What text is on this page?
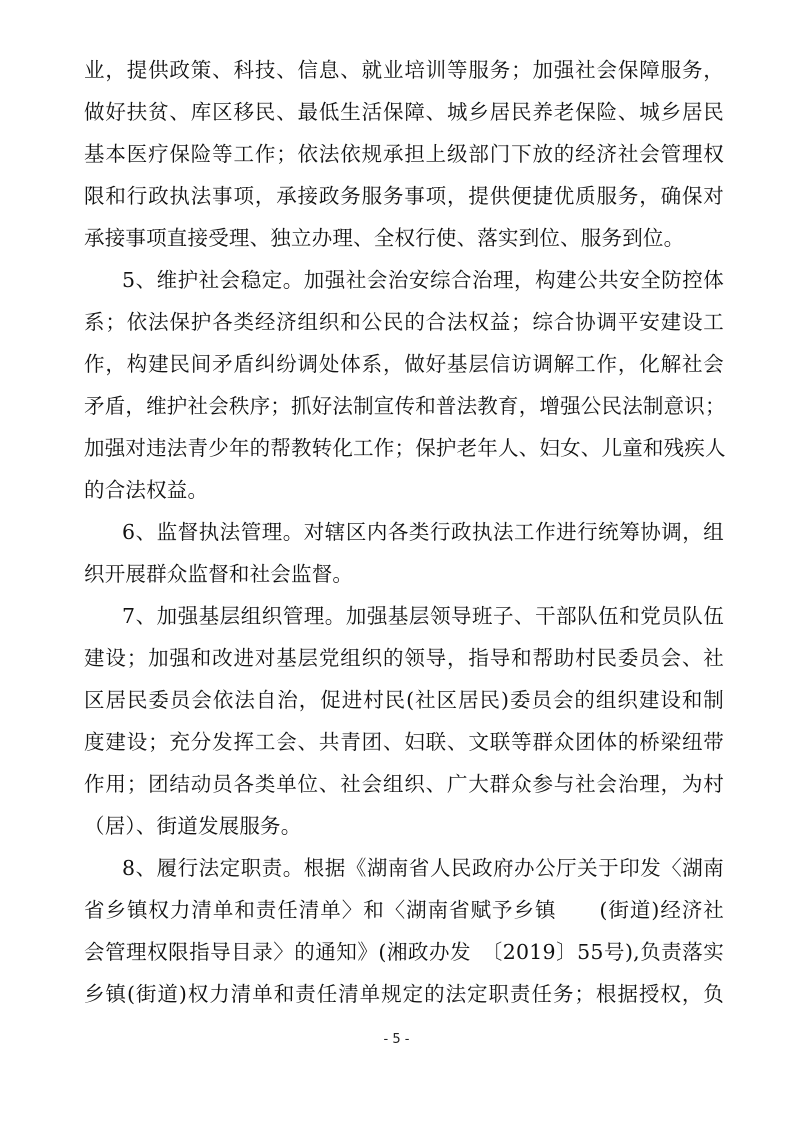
业，提供政策、科技、信息、就业培训等服务；加强社会保障服务，
做好扶贫、库区移民、最低生活保障、城乡居民养老保险、城乡居民
基本医疗保险等工作；依法依规承担上级部门下放的经济社会管理权
限和行政执法事项，承接政务服务事项，提供便捷优质服务，确保对
承接事项直接受理、独立办理、全权行使、落实到位、服务到位。
5、维护社会稳定。加强社会治安综合治理，构建公共安全防控体
系；依法保护各类经济组织和公民的合法权益；综合协调平安建设工
作，构建民间矛盾纠纷调处体系，做好基层信访调解工作，化解社会
矛盾，维护社会秩序；抓好法制宣传和普法教育，增强公民法制意识；
加强对违法青少年的帮教转化工作；保护老年人、妇女、儿童和残疾人
的合法权益。
6、监督执法管理。对辖区内各类行政执法工作进行统筹协调，组
织开展群众监督和社会监督。
7、加强基层组织管理。加强基层领导班子、干部队伍和党员队伍
建设；加强和改进对基层党组织的领导，指导和帮助村民委员会、社
区居民委员会依法自治，促进村民(社区居民)委员会的组织建设和制
度建设；充分发挥工会、共青团、妇联、文联等群众团体的桥梁纽带
作用；团结动员各类单位、社会组织、广大群众参与社会治理，为村
（居）、街道发展服务。
8、履行法定职责。根据《湖南省人民政府办公厅关于印发〈湖南
省乡镇权力清单和责任清单〉和〈湖南省赋予乡镇　　(街道)经济社
会管理权限指导目录〉的通知》(湘政办发　〔2019〕55号),负责落实
乡镇(街道)权力清单和责任清单规定的法定职责任务；根据授权，负
- 5 -
